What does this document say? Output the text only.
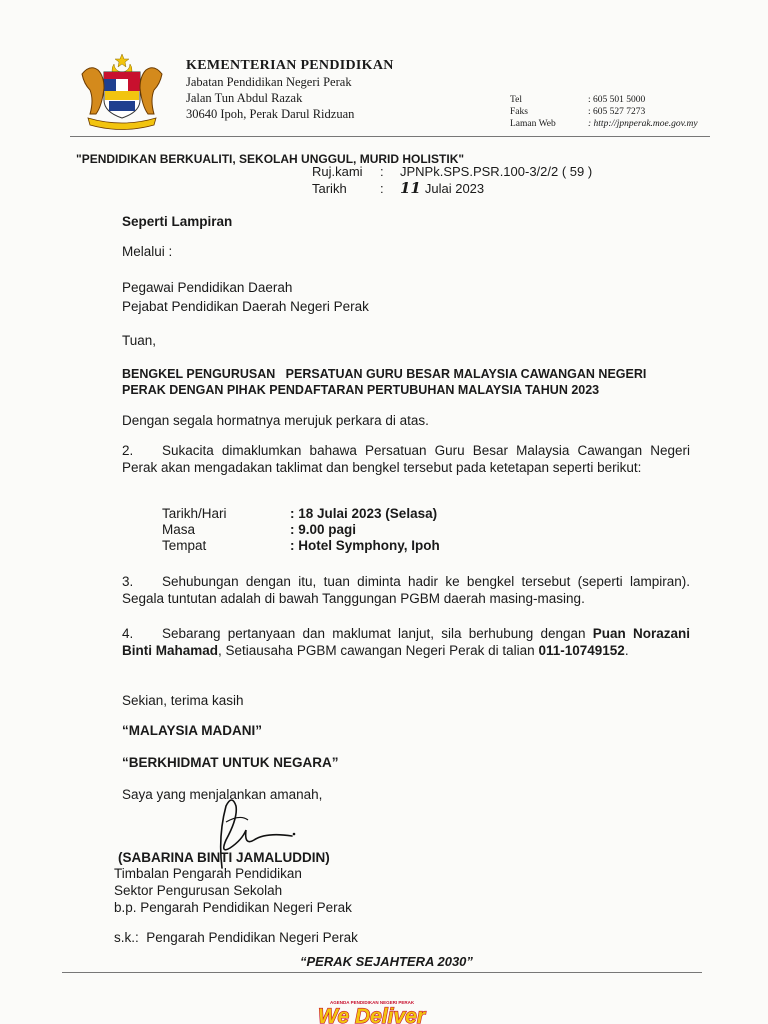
KEMENTERIAN PENDIDIKAN
Jabatan Pendidikan Negeri Perak
Jalan Tun Abdul Razak
30640 Ipoh, Perak Darul Ridzuan
Tel	: 605 501 5000
Faks	: 605 527 7273
Laman Web	: http://jpnperak.moe.gov.my
"PENDIDIKAN BERKUALITI, SEKOLAH UNGGUL, MURID HOLISTIK"
Ruj.kami	:	JPNPk.SPS.PSR.100-3/2/2 ( 59 )
Tarikh	:	11 Julai 2023
Seperti Lampiran
Melalui :
Pegawai Pendidikan Daerah
Pejabat Pendidikan Daerah Negeri Perak
Tuan,
BENGKEL PENGURUSAN   PERSATUAN GURU BESAR MALAYSIA CAWANGAN NEGERI
PERAK DENGAN PIHAK PENDAFTARAN PERTUBUHAN MALAYSIA TAHUN 2023
Dengan segala hormatnya merujuk perkara di atas.
2. Sukacita dimaklumkan bahawa Persatuan Guru Besar Malaysia Cawangan Negeri Perak akan mengadakan taklimat dan bengkel tersebut pada ketetapan seperti berikut:
Tarikh/Hari	: 18 Julai 2023 (Selasa)
Masa	: 9.00 pagi
Tempat	: Hotel Symphony, Ipoh
3. Sehubungan dengan itu, tuan diminta hadir ke bengkel tersebut (seperti lampiran). Segala tuntutan adalah di bawah Tanggungan PGBM daerah masing-masing.
4. Sebarang pertanyaan dan maklumat lanjut, sila berhubung dengan Puan Norazani Binti Mahamad, Setiausaha PGBM cawangan Negeri Perak di talian 011-10749152.
Sekian, terima kasih
“MALAYSIA MADANI”
“BERKHIDMAT UNTUK NEGARA”
Saya yang menjalankan amanah,
(SABARINA BINTI JAMALUDDIN)
Timbalan Pengarah Pendidikan
Sektor Pengurusan Sekolah
b.p. Pengarah Pendidikan Negeri Perak
s.k.:  Pengarah Pendidikan Negeri Perak
“PERAK SEJAHTERA 2030”
AGENDA PENDIDIKAN NEGERI PERAK
We Deliver
